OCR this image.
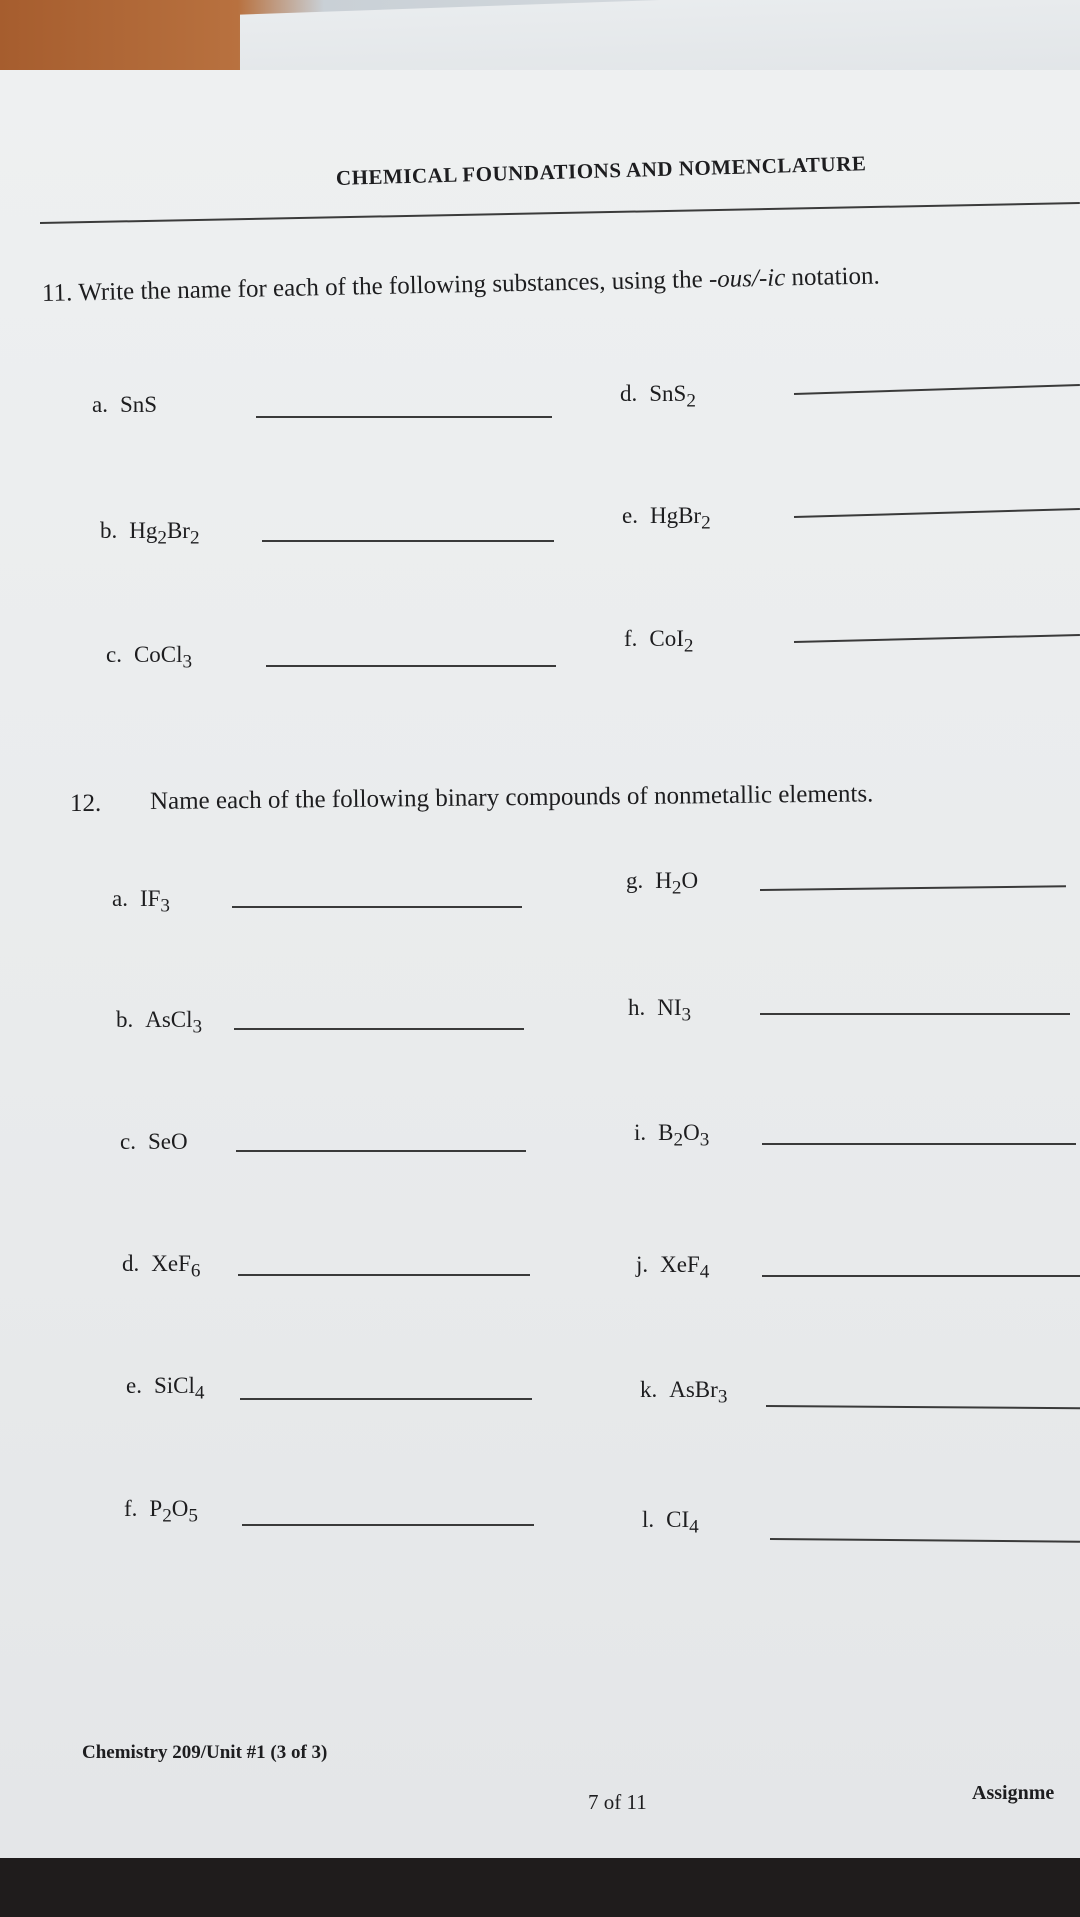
CHEMICAL FOUNDATIONS AND NOMENCLATURE
11. Write the name for each of the following substances, using the -ous/-ic notation.
12. Name each of the following binary compounds of nonmetallic elements.
a. SnS
b. $Hg_2Br_2$
c. CoCl$_3$
d. SnS$_2$
e. HgBr$_2$
f. CoI$_2$
a. $IF_3$
b. AsCl$_3$
c. SeO
d. XeF$_6$
e. SiCl$_4$
f. $P_2O_5$
g. $H_2O$
h. $NI_3$
i. $B_2O_3$
j. XeF$_4$
k. AsBr$_3$
l. $CI_4$
Chemistry 209/Unit #1 (3 of 3)
7 of 11	Assignme
